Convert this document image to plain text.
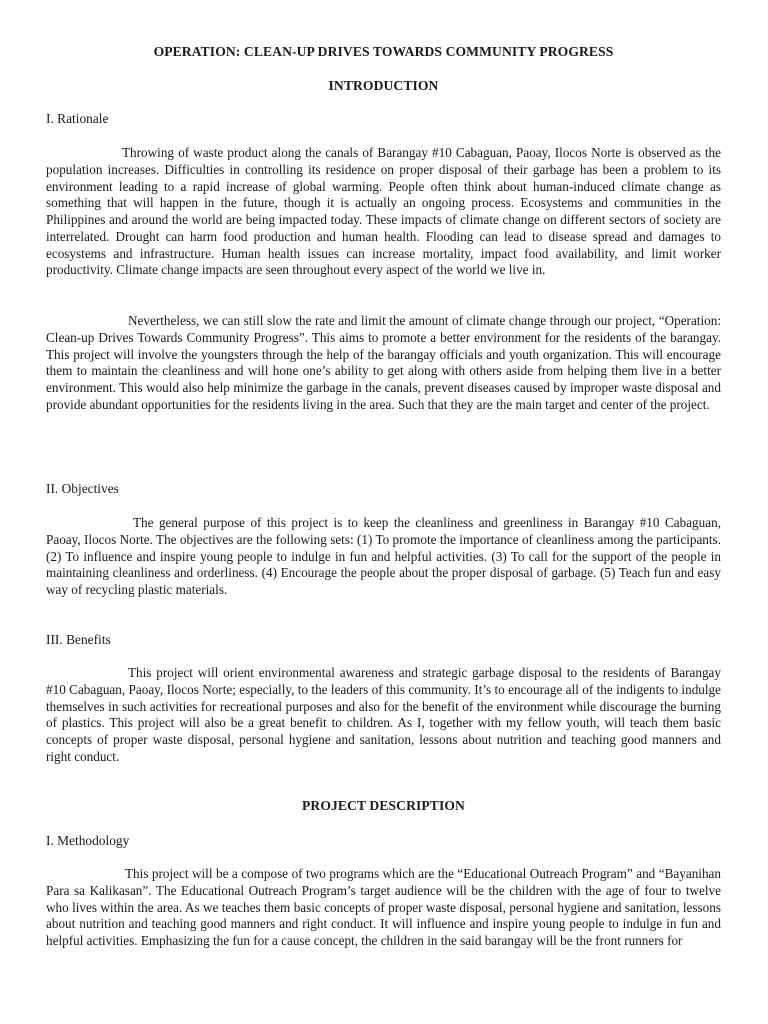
OPERATION: CLEAN-UP DRIVES TOWARDS COMMUNITY PROGRESS
INTRODUCTION
I. Rationale

Throwing of waste product along the canals of Barangay #10 Cabaguan, Paoay, Ilocos Norte is observed as the population increases. Difficulties in controlling its residence on proper disposal of their garbage has been a problem to its environment leading to a rapid increase of global warming. People often think about human-induced climate change as something that will happen in the future, though it is actually an ongoing process. Ecosystems and communities in the Philippines and around the world are being impacted today. These impacts of climate change on different sectors of society are interrelated. Drought can harm food production and human health. Flooding can lead to disease spread and damages to ecosystems and infrastructure. Human health issues can increase mortality, impact food availability, and limit worker productivity. Climate change impacts are seen throughout every aspect of the world we live in.

Nevertheless, we can still slow the rate and limit the amount of climate change through our project, “Operation: Clean-up Drives Towards Community Progress”. This aims to promote a better environment for the residents of the barangay. This project will involve the youngsters through the help of the barangay officials and youth organization. This will encourage them to maintain the cleanliness and will hone one’s ability to get along with others aside from helping them live in a better environment. This would also help minimize the garbage in the canals, prevent diseases caused by improper waste disposal and provide abundant opportunities for the residents living in the area. Such that they are the main target and center of the project.

II. Objectives

The general purpose of this project is to keep the cleanliness and greenliness in Barangay #10 Cabaguan, Paoay, Ilocos Norte. The objectives are the following sets: (1) To promote the importance of cleanliness among the participants. (2) To influence and inspire young people to indulge in fun and helpful activities. (3) To call for the support of the people in maintaining cleanliness and orderliness. (4) Encourage the people about the proper disposal of garbage. (5) Teach fun and easy way of recycling plastic materials.

III. Benefits

This project will orient environmental awareness and strategic garbage disposal to the residents of Barangay #10 Cabaguan, Paoay, Ilocos Norte; especially, to the leaders of this community. It’s to encourage all of the indigents to indulge themselves in such activities for recreational purposes and also for the benefit of the environment while discourage the burning of plastics. This project will also be a great benefit to children. As I, together with my fellow youth, will teach them basic concepts of proper waste disposal, personal hygiene and sanitation, lessons about nutrition and teaching good manners and right conduct.

PROJECT DESCRIPTION
I. Methodology

This project will be a compose of two programs which are the “Educational Outreach Program” and “Bayanihan Para sa Kalikasan”. The Educational Outreach Program’s target audience will be the children with the age of four to twelve who lives within the area. As we teaches them basic concepts of proper waste disposal, personal hygiene and sanitation, lessons about nutrition and teaching good manners and right conduct. It will influence and inspire young people to indulge in fun and helpful activities. Emphasizing the fun for a cause concept, the children in the said barangay will be the front runners for
